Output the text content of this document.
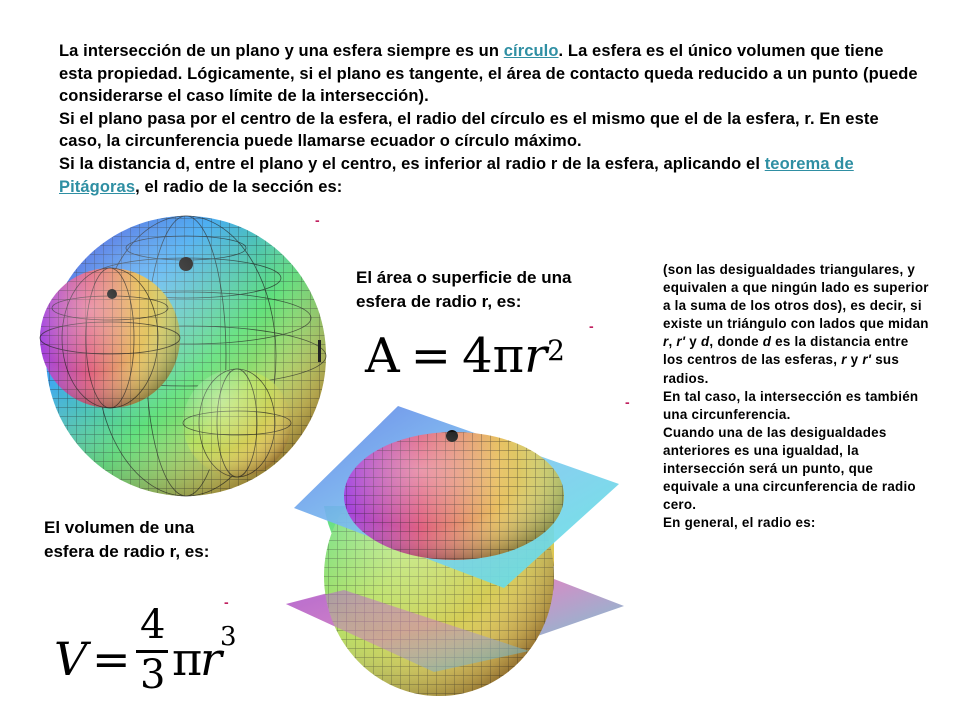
La intersección de un plano y una esfera siempre es un círculo. La esfera es el único volumen que tiene esta propiedad. Lógicamente, si el plano es tangente, el área de contacto queda reducido a un punto (puede considerarse el caso límite de la intersección).

Si el plano pasa por el centro de la esfera, el radio del círculo es el mismo que el de la esfera, r. En este caso, la circunferencia puede llamarse ecuador o círculo máximo.

Si la distancia d, entre el plano y el centro, es inferior al radio r de la esfera, aplicando el teorema de Pitágoras, el radio de la sección es:

-
-
-
-
El área o superficie de una esfera de radio r, es:
$A = 4\pi r^2$
El volumen de una esfera de radio r, es:
V =
4
3 π
r
3

(son las desigualdades triangulares, y equivalen a que ningún lado es superior a la suma de los otros dos), es decir, si existe un triángulo con lados que midan r, r' y d, donde d es la distancia entre los centros de las esferas, r y r' sus radios.

En tal caso, la intersección es también una circunferencia.

Cuando una de las desigualdades anteriores es una igualdad, la intersección será un punto, que equivale a una circunferencia de radio cero.

En general, el radio es:
